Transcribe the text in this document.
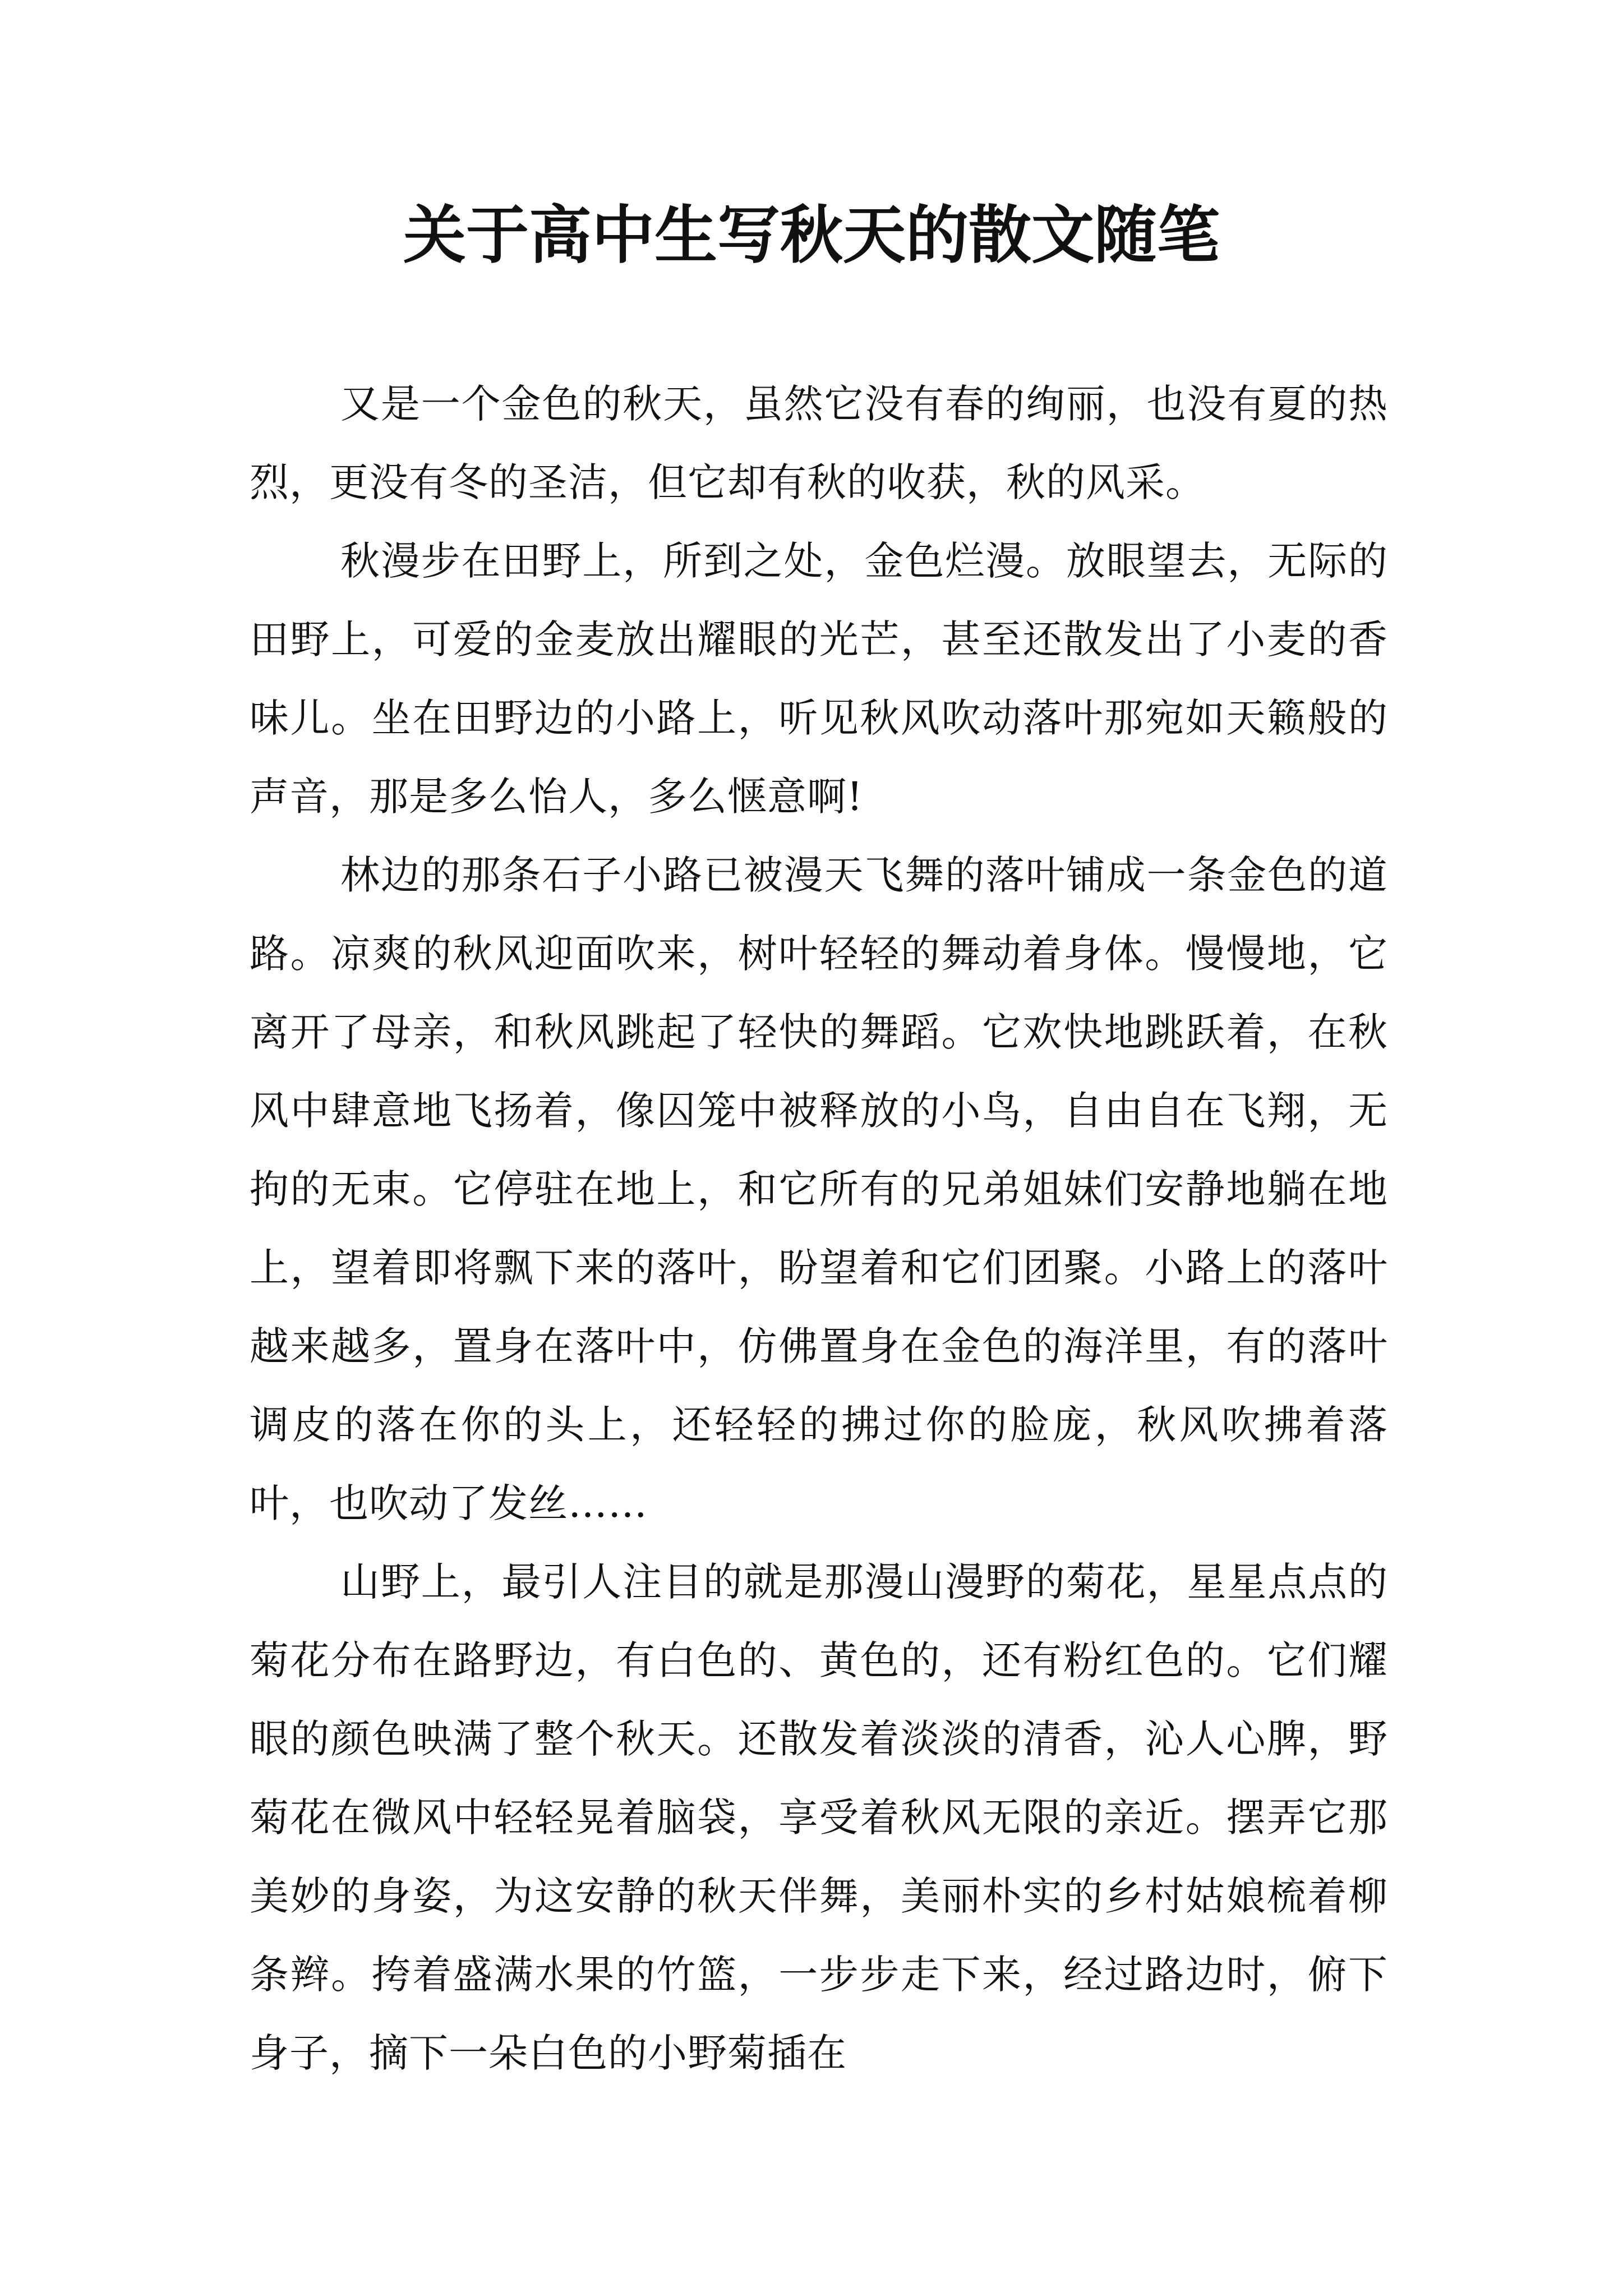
关于高中生写秋天的散文随笔

又是一个金色的秋天，虽然它没有春的绚丽，也没有夏的热烈，更没有冬的圣洁，但它却有秋的收获，秋的风采。

秋漫步在田野上，所到之处，金色烂漫。放眼望去，无际的田野上，可爱的金麦放出耀眼的光芒，甚至还散发出了小麦的香味儿。坐在田野边的小路上，听见秋风吹动落叶那宛如天籁般的声音，那是多么怡人，多么惬意啊!

林边的那条石子小路已被漫天飞舞的落叶铺成一条金色的道路。凉爽的秋风迎面吹来，树叶轻轻的舞动着身体。慢慢地，它离开了母亲，和秋风跳起了轻快的舞蹈。它欢快地跳跃着，在秋风中肆意地飞扬着，像囚笼中被释放的小鸟，自由自在飞翔，无拘的无束。它停驻在地上，和它所有的兄弟姐妹们安静地躺在地上，望着即将飘下来的落叶，盼望着和它们团聚。小路上的落叶越来越多，置身在落叶中，仿佛置身在金色的海洋里，有的落叶调皮的落在你的头上，还轻轻的拂过你的脸庞，秋风吹拂着落叶，也吹动了发丝……

山野上，最引人注目的就是那漫山漫野的菊花，星星点点的菊花分布在路野边，有白色的、黄色的，还有粉红色的。它们耀眼的颜色映满了整个秋天。还散发着淡淡的清香，沁人心脾，野菊花在微风中轻轻晃着脑袋，享受着秋风无限的亲近。摆弄它那美妙的身姿，为这安静的秋天伴舞，美丽朴实的乡村姑娘梳着柳条辫。挎着盛满水果的竹篮，一步步走下来，经过路边时，俯下身子，摘下一朵白色的小野菊插在
